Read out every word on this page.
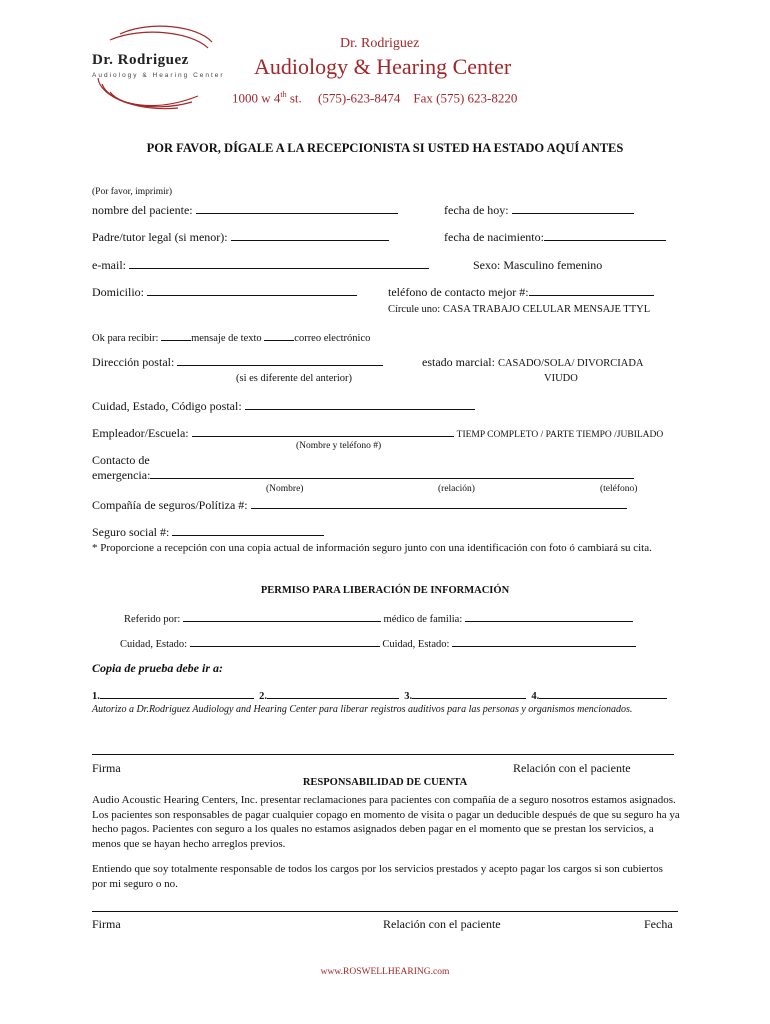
Dr. Rodriguez
Audiology & Hearing Center
Dr. Rodriguez
Audiology & Hearing Center
1000 w 4th st. (575)-623-8474 Fax (575) 623-8220
POR FAVOR, DÍGALE A LA RECEPCIONISTA SI USTED HA ESTADO AQUÍ ANTES
(Por favor, imprimir)
nombre del paciente:	fecha de hoy:
Padre/tutor legal (si menor):	fecha de nacimiento:
e-mail:	Sexo: Masculino femenino
Domicilio:	teléfono de contacto mejor #:
Círcule uno: CASA TRABAJO CELULAR MENSAJE TTYL
Ok para recibir:	mensaje de texto	correo electrónico
Dirección postal:
(si es diferente del anterior)
estado marcial: CASADO/SOLA/ DIVORCIADA
VIUDO
Cuidad, Estado, Código postal:
Empleador/Escuela:	TIEMP COMPLETO / PARTE TIEMPO /JUBILADO
(Nombre y teléfono #)
Contacto de
emergencia:
(Nombre)	(relación)	(teléfono)
Compañía de seguros/Polítiza #:
Seguro social #:
* Proporcione a recepción con una copia actual de información seguro junto con una identificación con foto ó cambiará su cita.
PERMISO PARA LIBERACIÓN DE INFORMACIÓN
Referido por:	médico de familia:
Cuidad, Estado:	Cuidad, Estado:
Copia de prueba debe ir a:
1.	2.	3.	4.
Autorizo a Dr.Rodriguez Audiology and Hearing Center para liberar registros auditivos para las personas y organismos mencionados.
Firma	Relación con el paciente
RESPONSABILIDAD DE CUENTA
Audio Acoustic Hearing Centers, Inc. presentar reclamaciones para pacientes con compañía de a seguro nosotros estamos asignados. Los pacientes son responsables de pagar cualquier copago en momento de visita o pagar un deducible después de que su seguro ha ya hecho pagos. Pacientes con seguro a los quales no estamos asignados deben pagar en el momento que se prestan los servicios, a menos que se hayan hecho arreglos previos.
Entiendo que soy totalmente responsable de todos los cargos por los servicios prestados y acepto pagar los cargos si son cubiertos por mi seguro o no.
Firma	Relación con el paciente	Fecha
www.ROSWELLHEARING.com
